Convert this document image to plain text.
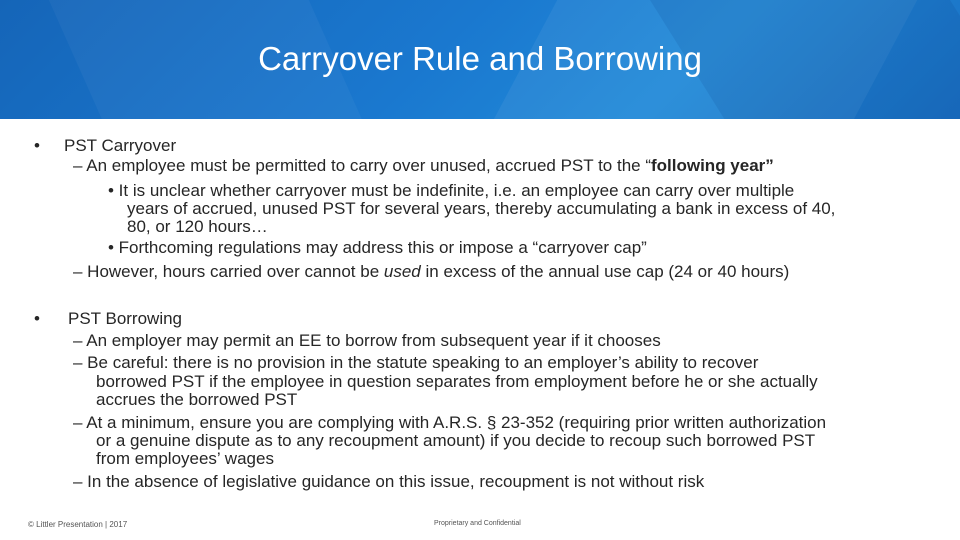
Carryover Rule and Borrowing
• PST Carryover
– An employee must be permitted to carry over unused, accrued PST to the “following year”
• It is unclear whether carryover must be indefinite, i.e. an employee can carry over multiple
years of accrued, unused PST for several years, thereby accumulating a bank in excess of 40,
80, or 120 hours…
• Forthcoming regulations may address this or impose a “carryover cap”
– However, hours carried over cannot be used in excess of the annual use cap (24 or 40 hours)
• PST Borrowing
– An employer may permit an EE to borrow from subsequent year if it chooses
– Be careful: there is no provision in the statute speaking to an employer’s ability to recover
borrowed PST if the employee in question separates from employment before he or she actually
accrues the borrowed PST
– At a minimum, ensure you are complying with A.R.S. § 23-352 (requiring prior written authorization
or a genuine dispute as to any recoupment amount) if you decide to recoup such borrowed PST
from employees’ wages
– In the absence of legislative guidance on this issue, recoupment is not without risk
© Littler Presentation | 2017	Proprietary and Confidential
